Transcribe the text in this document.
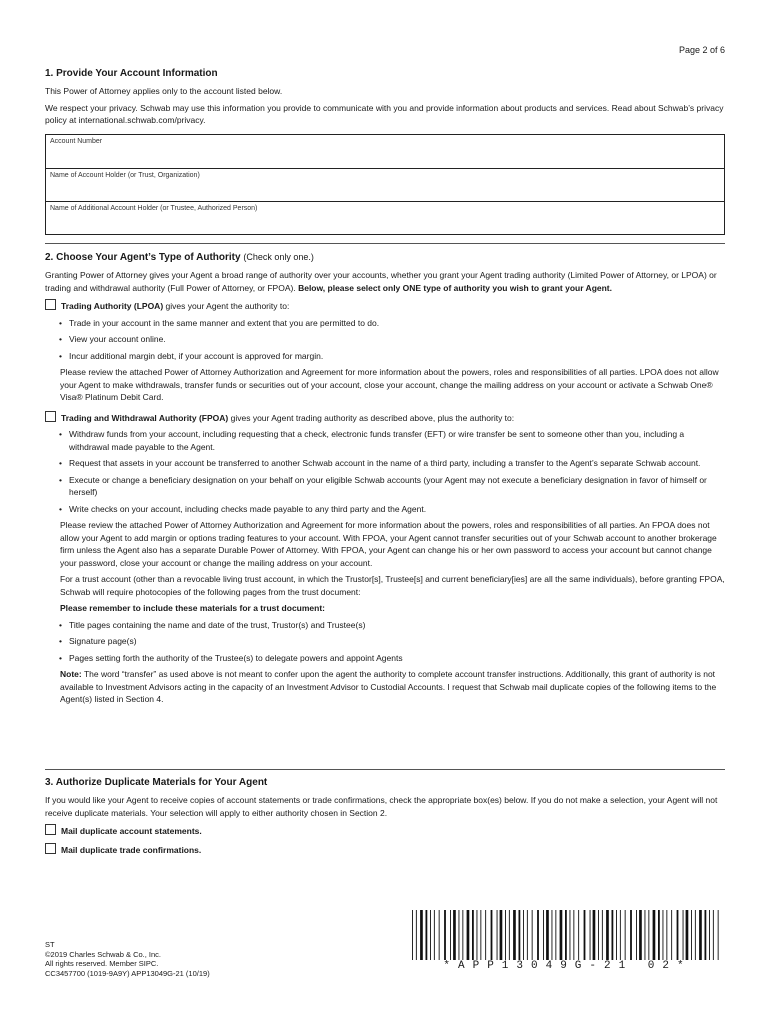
Page 2 of 6
1. Provide Your Account Information

This Power of Attorney applies only to the account listed below.

We respect your privacy. Schwab may use this information you provide to communicate with you and provide information about products and services. Read about Schwab’s privacy policy at international.schwab.com/privacy.

Account Number
Name of Account Holder (or Trust, Organization)
Name of Additional Account Holder (or Trustee, Authorized Person)
2. Choose Your Agent’s Type of Authority (Check only one.)

Granting Power of Attorney gives your Agent a broad range of authority over your accounts, whether you grant your Agent trading authority (Limited Power of Attorney, or LPOA) or trading and withdrawal authority (Full Power of Attorney, or FPOA). Below, please select only ONE type of authority you wish to grant your Agent.

Trading Authority (LPOA) gives your Agent the authority to:
• Trade in your account in the same manner and extent that you are permitted to do.
• View your account online.
• Incur additional margin debt, if your account is approved for margin.

Please review the attached Power of Attorney Authorization and Agreement for more information about the powers, roles and responsibilities of all parties. LPOA does not allow your Agent to make withdrawals, transfer funds or securities out of your account, close your account, change the mailing address on your account or activate a Schwab One® Visa® Platinum Debit Card.

Trading and Withdrawal Authority (FPOA) gives your Agent trading authority as described above, plus the authority to:
• Withdraw funds from your account, including requesting that a check, electronic funds transfer (EFT) or wire transfer be sent to someone other than you, including a withdrawal made payable to the Agent.
• Request that assets in your account be transferred to another Schwab account in the name of a third party, including a transfer to the Agent’s separate Schwab account.
• Execute or change a beneficiary designation on your behalf on your eligible Schwab accounts (your Agent may not execute a beneficiary designation in favor of himself or herself)
• Write checks on your account, including checks made payable to any third party and the Agent.

Please review the attached Power of Attorney Authorization and Agreement for more information about the powers, roles and responsibilities of all parties. An FPOA does not allow your Agent to add margin or options trading features to your account. With FPOA, your Agent cannot transfer securities out of your Schwab account to another brokerage firm unless the Agent also has a separate Durable Power of Attorney. With FPOA, your Agent can change his or her own password to access your account but cannot change your password, close your account or change the mailing address on your account.

For a trust account (other than a revocable living trust account, in which the Trustor[s], Trustee[s] and current beneficiary[ies] are all the same individuals), before granting FPOA, Schwab will require photocopies of the following pages from the trust document:

Please remember to include these materials for a trust document:

• Title pages containing the name and date of the trust, Trustor(s) and Trustee(s)
• Signature page(s)
• Pages setting forth the authority of the Trustee(s) to delegate powers and appoint Agents

Note: The word “transfer” as used above is not meant to confer upon the agent the authority to complete account transfer instructions. Additionally, this grant of authority is not available to Investment Advisors acting in the capacity of an Investment Advisor to Custodial Accounts. I request that Schwab mail duplicate copies of the following items to the Agent(s) listed in Section 4.

3. Authorize Duplicate Materials for Your Agent

If you would like your Agent to receive copies of account statements or trade confirmations, check the appropriate box(es) below. If you do not make a selection, your Agent will not receive duplicate materials. Your selection will apply to either authority chosen in Section 2.

Mail duplicate account statements.
Mail duplicate trade confirmations.
ST
©2019 Charles Schwab & Co., Inc.
All rights reserved. Member SIPC.
CC3457700 (1019-9A9Y) APP13049G-21 (10/19)
*APP13049G-21 02*
